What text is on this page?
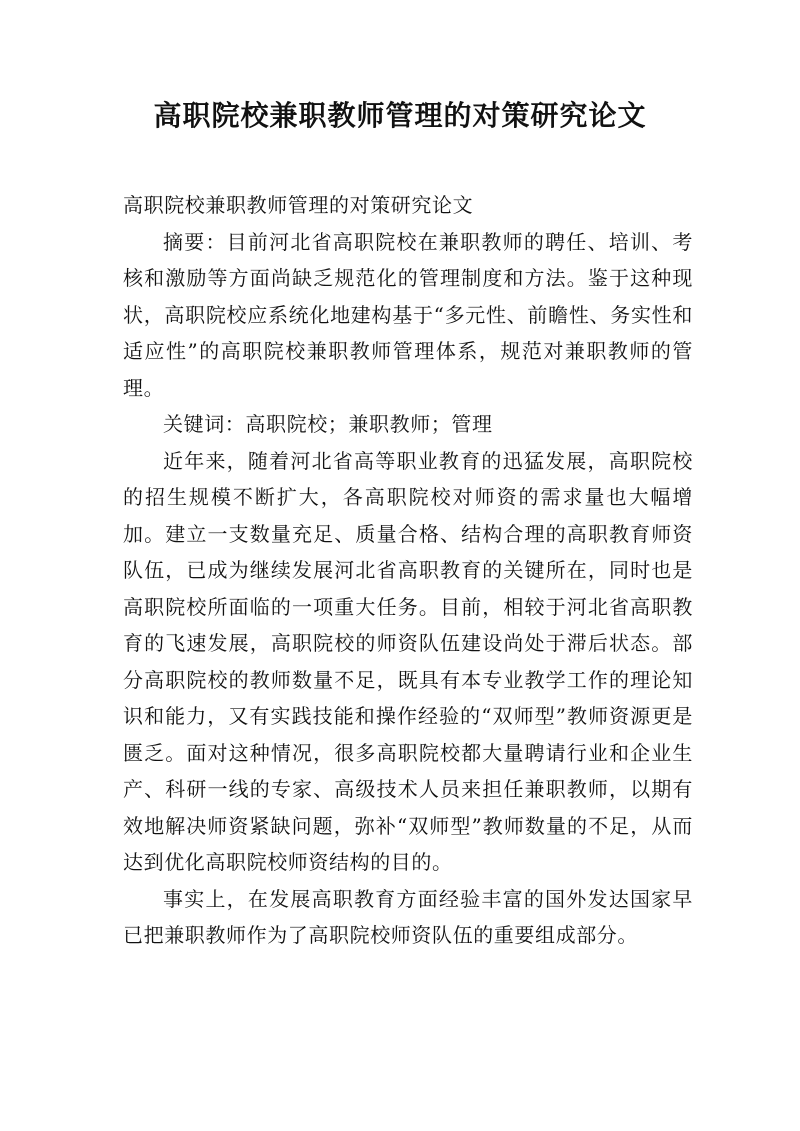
高职院校兼职教师管理的对策研究论文

高职院校兼职教师管理的对策研究论文

摘要：目前河北省高职院校在兼职教师的聘任、培训、考核和激励等方面尚缺乏规范化的管理制度和方法。鉴于这种现状，高职院校应系统化地建构基于“多元性、前瞻性、务实性和适应性”的高职院校兼职教师管理体系，规范对兼职教师的管理。

关键词：高职院校；兼职教师；管理

近年来，随着河北省高等职业教育的迅猛发展，高职院校的招生规模不断扩大，各高职院校对师资的需求量也大幅增加。建立一支数量充足、质量合格、结构合理的高职教育师资队伍，已成为继续发展河北省高职教育的关键所在，同时也是高职院校所面临的一项重大任务。目前，相较于河北省高职教育的飞速发展，高职院校的师资队伍建设尚处于滞后状态。部分高职院校的教师数量不足，既具有本专业教学工作的理论知识和能力，又有实践技能和操作经验的“双师型”教师资源更是匮乏。面对这种情况，很多高职院校都大量聘请行业和企业生产、科研一线的专家、高级技术人员来担任兼职教师，以期有效地解决师资紧缺问题，弥补“双师型”教师数量的不足，从而达到优化高职院校师资结构的目的。

事实上，在发展高职教育方面经验丰富的国外发达国家早已把兼职教师作为了高职院校师资队伍的重要组成部分。
